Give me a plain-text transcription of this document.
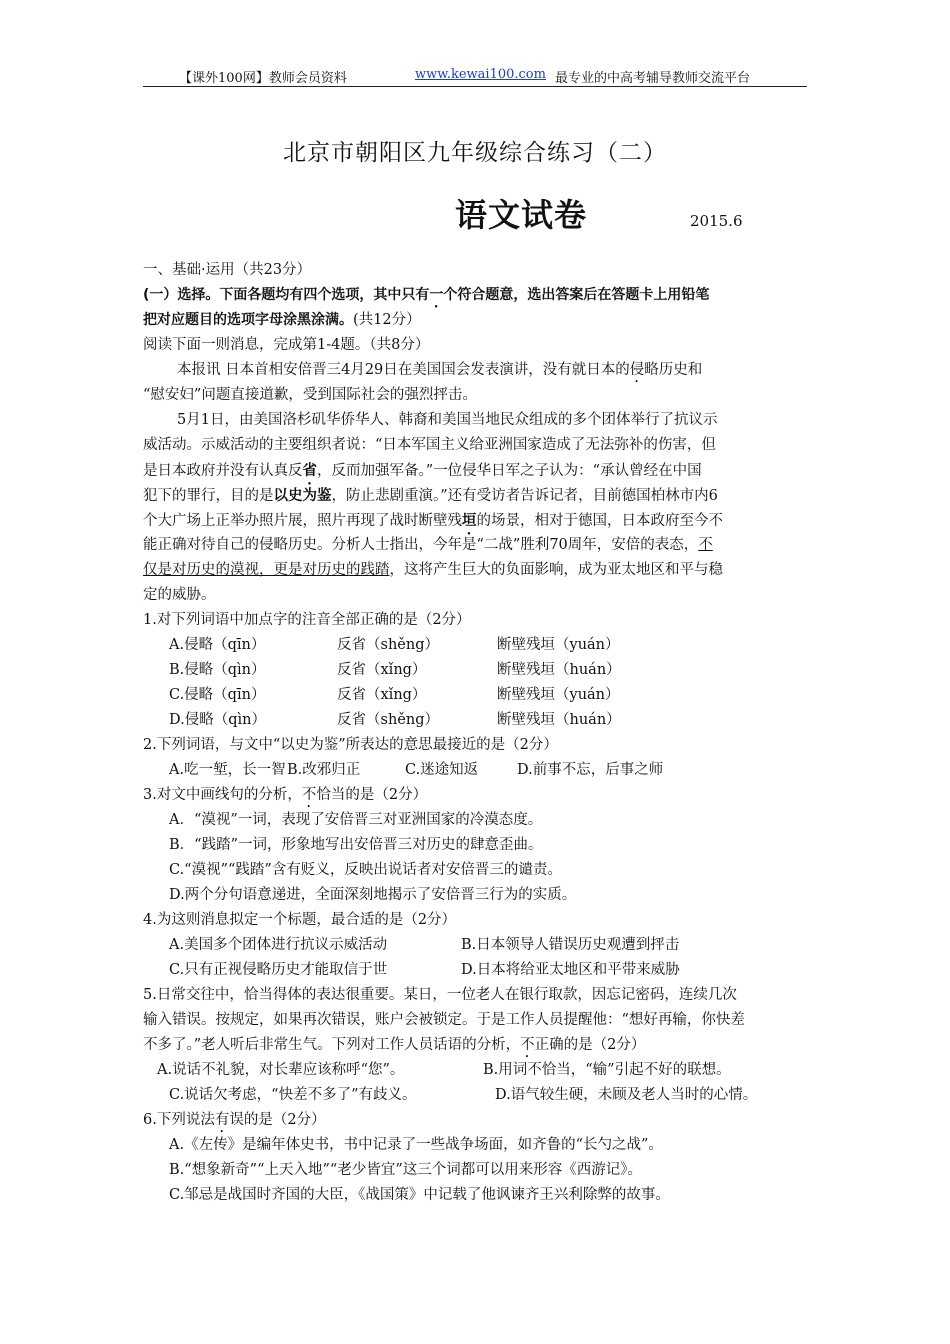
【课外100网】教师会员资料	www.kewai100.com 最专业的中高考辅导教师交流平台
北京市朝阳区九年级综合练习（二）
语文试卷	2015.6
一、基础·运用（共23分）
(一）选择。下面各题均有四个选项，其中只有一个符合题意，选出答案后在答题卡上用铅笔
把对应题目的选项字母涂黑涂满。(共12分）
阅读下面一则消息，完成第1-4题。（共8分）
本报讯 日本首相安倍晋三4月29日在美国国会发表演讲，没有就日本的侵略历史和
“慰安妇”问题直接道歉，受到国际社会的强烈抨击。
5月1日，由美国洛杉矶华侨华人、韩裔和美国当地民众组成的多个团体举行了抗议示
威活动。示威活动的主要组织者说：“日本军国主义给亚洲国家造成了无法弥补的伤害，但
是日本政府并没有认真反省，反而加强军备。”一位侵华日军之子认为：“承认曾经在中国
犯下的罪行，目的是以史为鉴，防止悲剧重演。”还有受访者告诉记者，目前德国柏林市内6
个大广场上正举办照片展，照片再现了战时断壁残垣的场景，相对于德国，日本政府至今不
能正确对待自己的侵略历史。分析人士指出，今年是“二战”胜利70周年，安倍的表态，不
仅是对历史的漠视，更是对历史的践踏，这将产生巨大的负面影响，成为亚太地区和平与稳
定的威胁。
1.对下列词语中加点字的注音全部正确的是（2分）
A.侵略（qīn）	反省（shěng）	断壁残垣（yuán）
B.侵略（qìn）	反省（xǐng）	断壁残垣（huán）
C.侵略（qīn）	反省（xǐng）	断壁残垣（yuán）
D.侵略（qìn）	反省（shěng）	断壁残垣（huán）
2.下列词语，与文中“以史为鉴”所表达的意思最接近的是（2分）
A.吃一堑，长一智B.改邪归正	C.迷途知返	D.前事不忘，后事之师
3.对文中画线句的分析，不恰当的是（2分）
A．“漠视”一词，表现了安倍晋三对亚洲国家的冷漠态度。
B．“践踏”一词，形象地写出安倍晋三对历史的肆意歪曲。
C.“漠视”“践踏”含有贬义，反映出说话者对安倍晋三的谴责。
D.两个分句语意递进，全面深刻地揭示了安倍晋三行为的实质。
4.为这则消息拟定一个标题，最合适的是（2分）
A.美国多个团体进行抗议示威活动	B.日本领导人错误历史观遭到抨击
C.只有正视侵略历史才能取信于世	D.日本将给亚太地区和平带来威胁
5.日常交往中，恰当得体的表达很重要。某日，一位老人在银行取款，因忘记密码，连续几次
输入错误。按规定，如果再次错误，账户会被锁定。于是工作人员提醒他：“想好再输，你快差
不多了。”老人听后非常生气。下列对工作人员话语的分析，不正确的是（2分）
A.说话不礼貌，对长辈应该称呼“您”。	B.用词不恰当，“输”引起不好的联想。
C.说话欠考虑，“快差不多了”有歧义。	D.语气较生硬，未顾及老人当时的心情。
6.下列说法有误的是（2分）
A.《左传》是编年体史书，书中记录了一些战争场面，如齐鲁的“长勺之战”。
B.“想象新奇”“上天入地”“老少皆宜”这三个词都可以用来形容《西游记》。
C.邹忌是战国时齐国的大臣，《战国策》中记载了他讽谏齐王兴利除弊的故事。
